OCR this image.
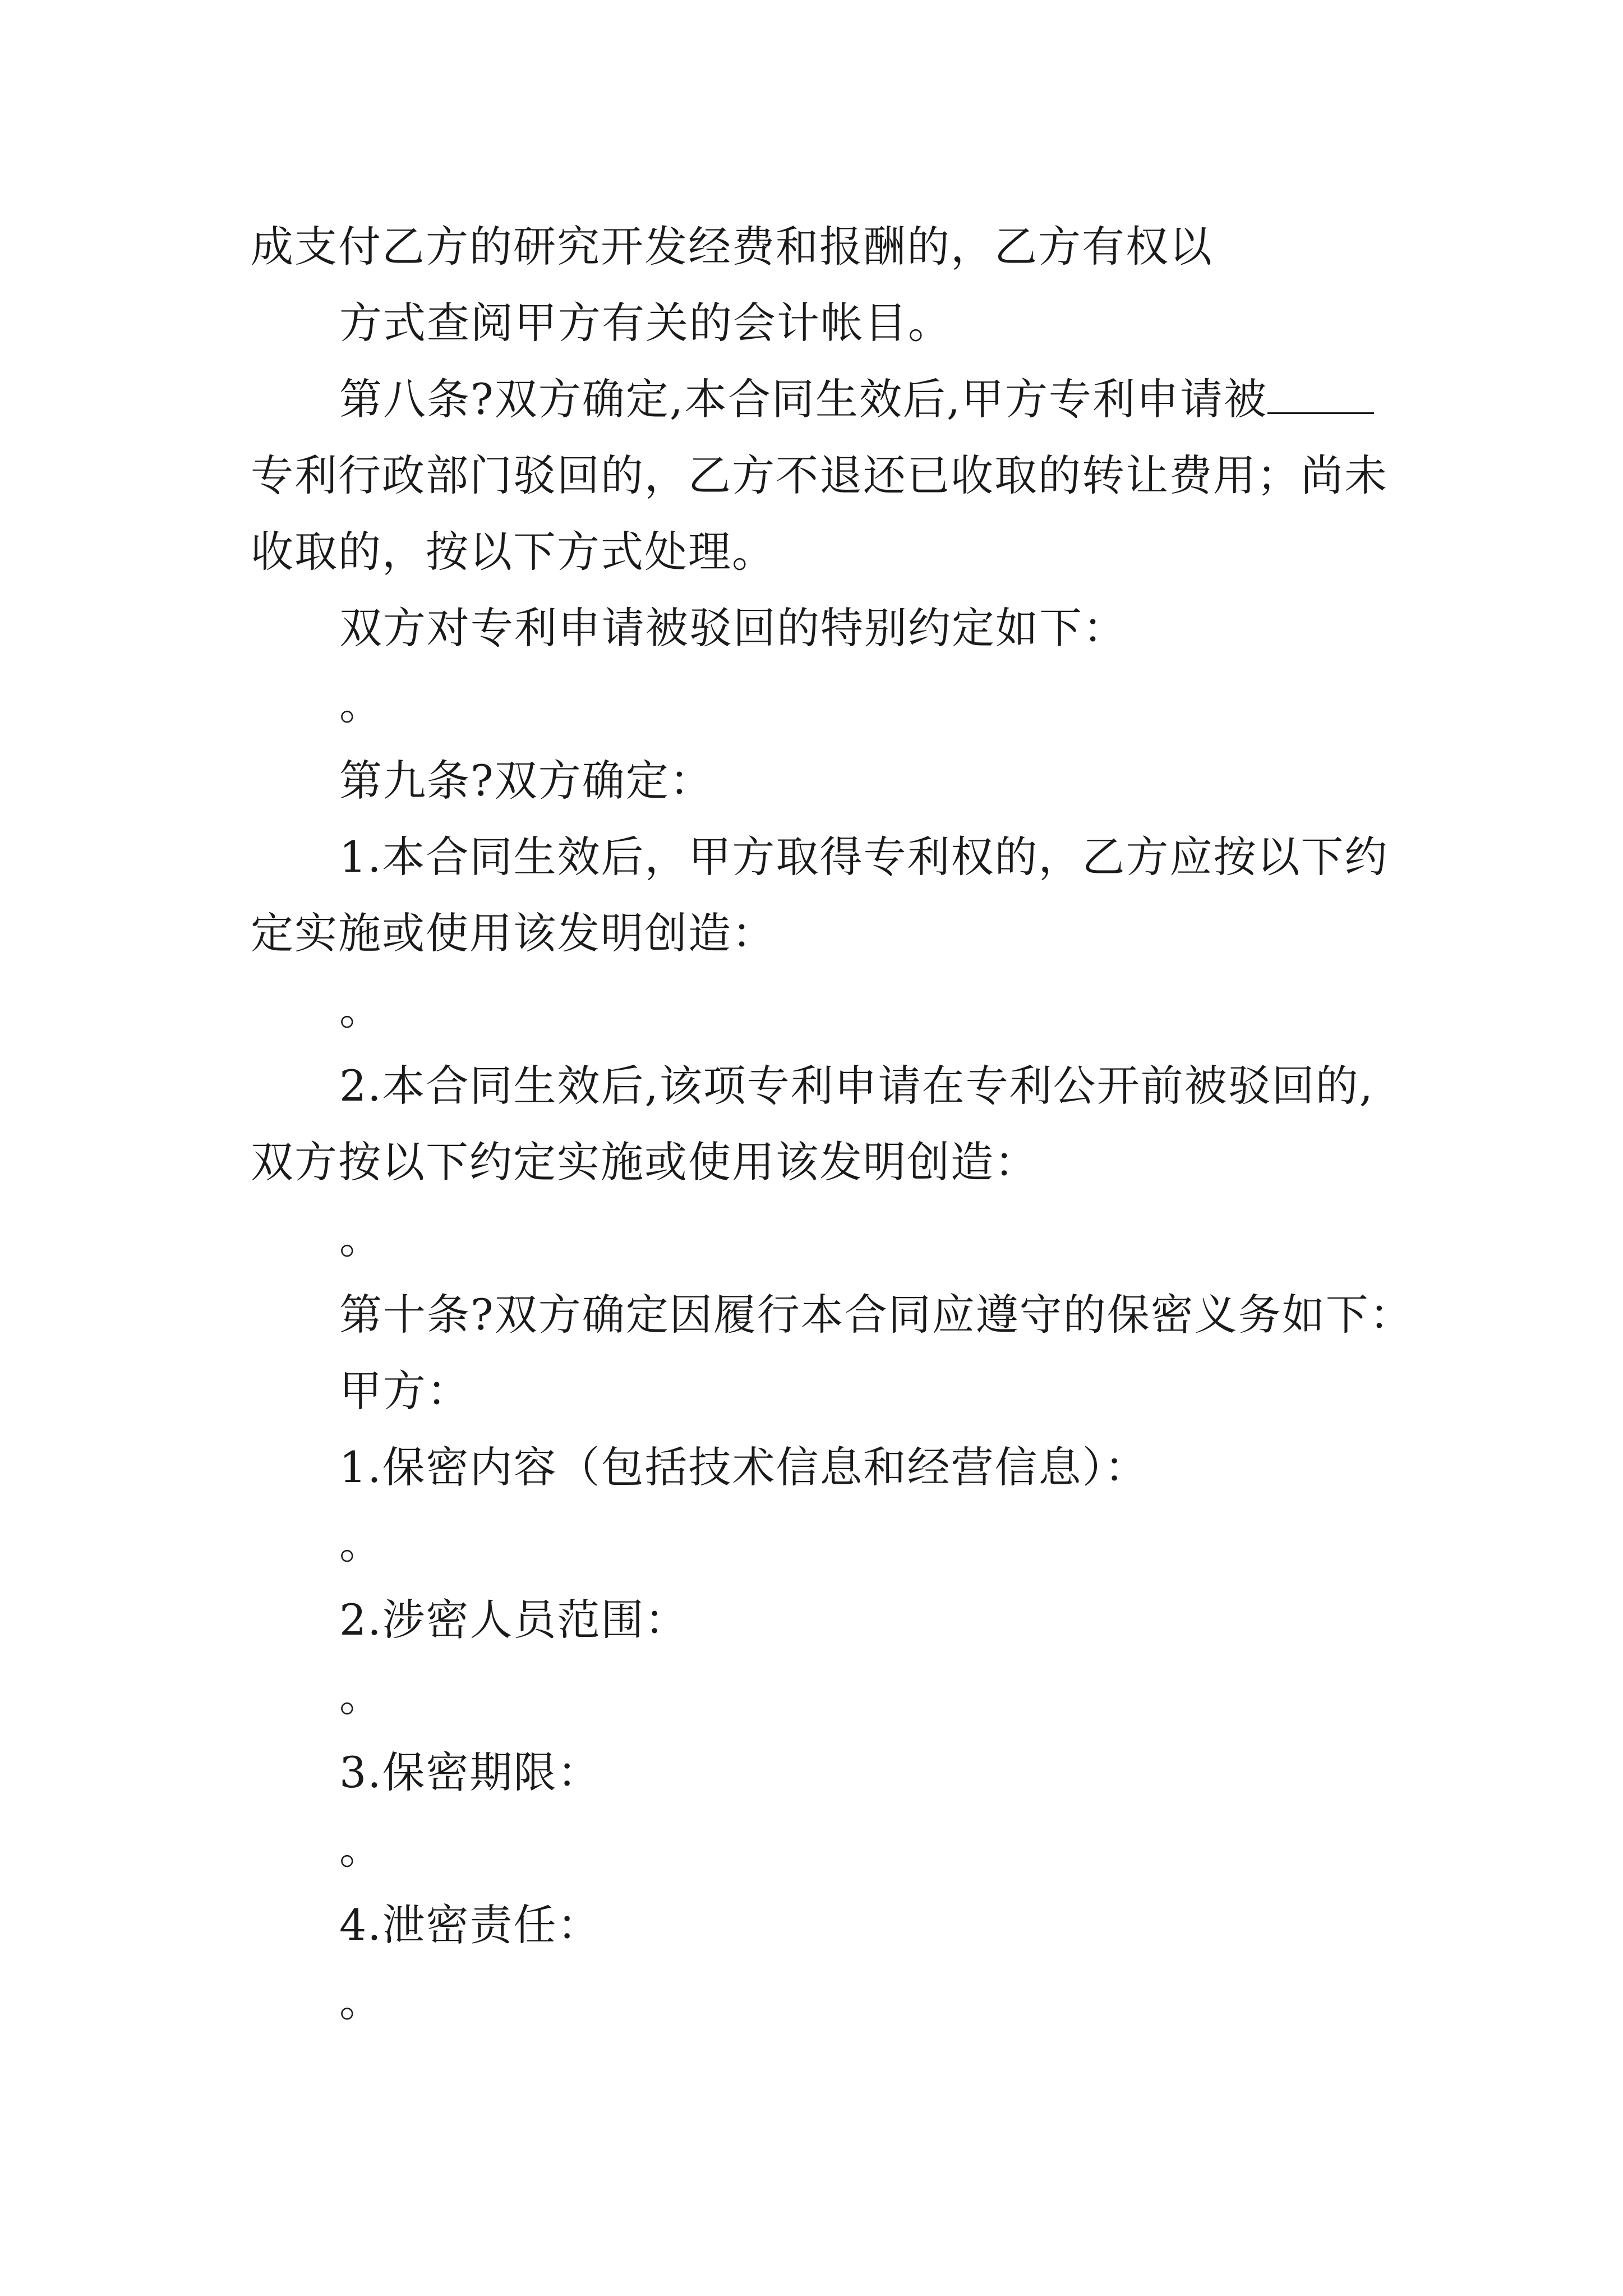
成支付乙方的研究开发经费和报酬的，乙方有权以
方式查阅甲方有关的会计帐目。
第八条?双方确定,本合同生效后,甲方专利申请被
专利行政部门驳回的，乙方不退还已收取的转让费用；尚未
收取的，按以下方式处理。
双方对专利申请被驳回的特别约定如下：
。
第九条?双方确定：
1.本合同生效后，甲方取得专利权的，乙方应按以下约
定实施或使用该发明创造：
。
2.本合同生效后,该项专利申请在专利公开前被驳回的,
双方按以下约定实施或使用该发明创造：
。
第十条?双方确定因履行本合同应遵守的保密义务如下：
甲方：
1.保密内容（包括技术信息和经营信息）：
。
2.涉密人员范围：
。
3.保密期限：
。
4.泄密责任：
。
